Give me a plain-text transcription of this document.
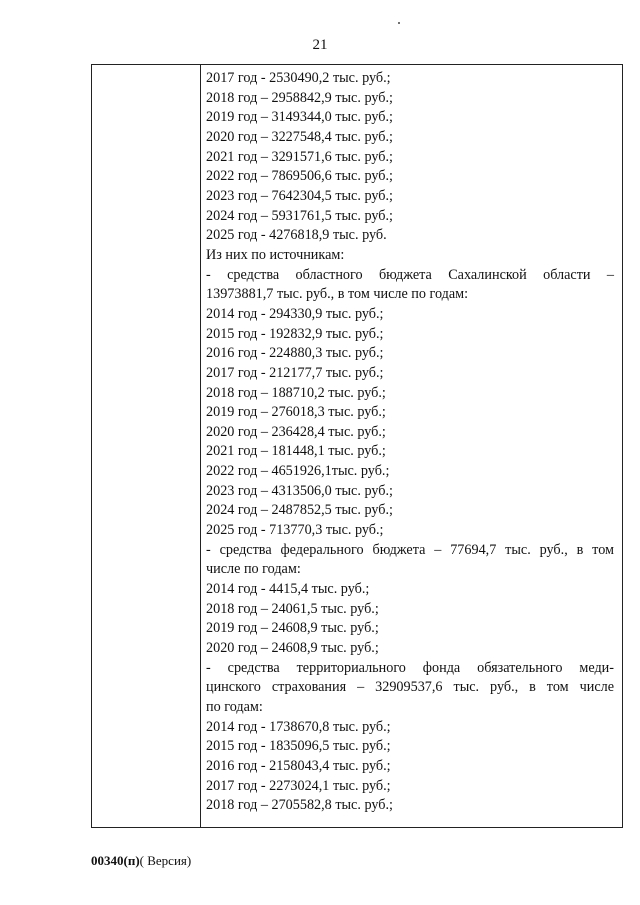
21
2017 год - 2530490,2 тыс. руб.;
2018 год – 2958842,9 тыс. руб.;
2019 год – 3149344,0 тыс. руб.;
2020 год – 3227548,4 тыс. руб.;
2021 год – 3291571,6 тыс. руб.;
2022 год – 7869506,6 тыс. руб.;
2023 год – 7642304,5 тыс. руб.;
2024 год – 5931761,5 тыс. руб.;
2025 год - 4276818,9 тыс. руб.
Из них по источникам:
- средства областного бюджета Сахалинской области –
13973881,7 тыс. руб., в том числе по годам:
2014 год - 294330,9 тыс. руб.;
2015 год - 192832,9 тыс. руб.;
2016 год - 224880,3 тыс. руб.;
2017 год - 212177,7 тыс. руб.;
2018 год – 188710,2 тыс. руб.;
2019 год – 276018,3 тыс. руб.;
2020 год – 236428,4 тыс. руб.;
2021 год – 181448,1 тыс. руб.;
2022 год – 4651926,1тыс. руб.;
2023 год – 4313506,0 тыс. руб.;
2024 год – 2487852,5 тыс. руб.;
2025 год - 713770,3 тыс. руб.;
- средства федерального бюджета – 77694,7 тыс. руб., в том
числе по годам:
2014 год - 4415,4 тыс. руб.;
2018 год – 24061,5 тыс. руб.;
2019 год – 24608,9 тыс. руб.;
2020 год – 24608,9 тыс. руб.;
- средства территориального фонда обязательного меди-
цинского страхования – 32909537,6 тыс. руб., в том числе
по годам:
2014 год - 1738670,8 тыс. руб.;
2015 год - 1835096,5 тыс. руб.;
2016 год - 2158043,4 тыс. руб.;
2017 год - 2273024,1 тыс. руб.;
2018 год – 2705582,8 тыс. руб.;
00340(п)( Версия)
